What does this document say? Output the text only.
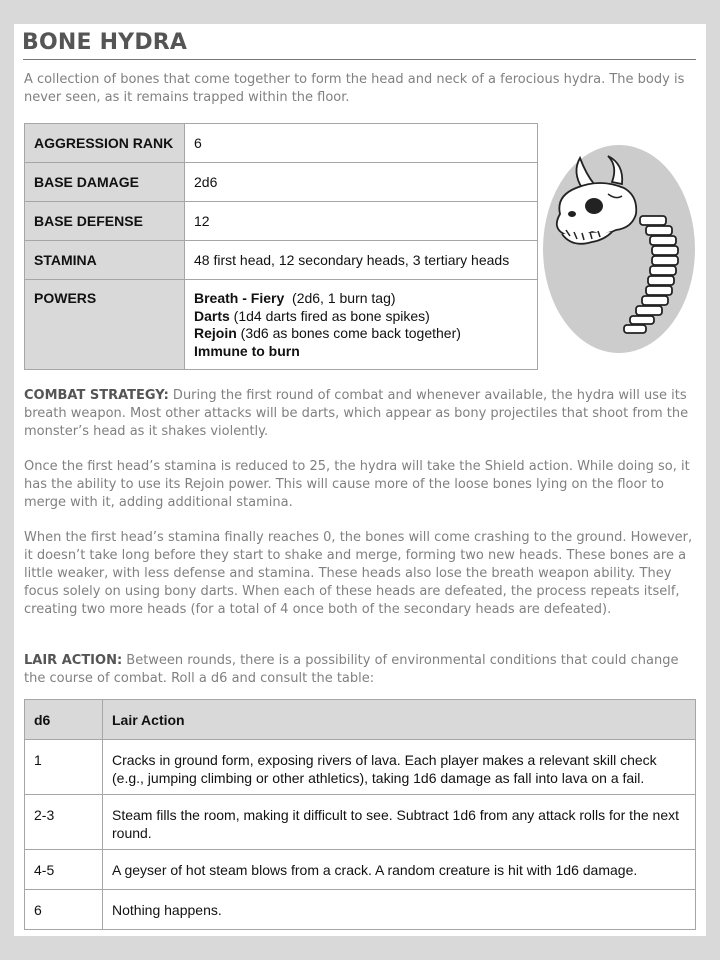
BONE HYDRA

A collection of bones that come together to form the head and neck of a ferocious hydra. The body is never seen, as it remains trapped within the floor.

AGGRESSION RANK	6
BASE DAMAGE	2d6
BASE DEFENSE	12
STAMINA	48 first head, 12 secondary heads, 3 tertiary heads
POWERS	Breath - Fiery  (2d6, 1 burn tag)
Darts (1d4 darts fired as bone spikes)
Rejoin (3d6 as bones come back together)
Immune to burn

COMBAT STRATEGY: During the first round of combat and whenever available, the hydra will use its breath weapon. Most other attacks will be darts, which appear as bony projectiles that shoot from the monster’s head as it shakes violently.

Once the first head’s stamina is reduced to 25, the hydra will take the Shield action. While doing so, it has the ability to use its Rejoin power. This will cause more of the loose bones lying on the floor to merge with it, adding additional stamina.

When the first head’s stamina finally reaches 0, the bones will come crashing to the ground. However, it doesn’t take long before they start to shake and merge, forming two new heads. These bones are a little weaker, with less defense and stamina. These heads also lose the breath weapon ability. They focus solely on using bony darts. When each of these heads are defeated, the process repeats itself, creating two more heads (for a total of 4 once both of the secondary heads are defeated).

LAIR ACTION: Between rounds, there is a possibility of environmental conditions that could change the course of combat. Roll a d6 and consult the table:

d6	Lair Action
1	Cracks in ground form, exposing rivers of lava. Each player makes a relevant skill check (e.g., jumping climbing or other athletics), taking 1d6 damage as fall into lava on a fail.
2-3	Steam fills the room, making it difficult to see. Subtract 1d6 from any attack rolls for the next round.
4-5	A geyser of hot steam blows from a crack. A random creature is hit with 1d6 damage.
6	Nothing happens.
